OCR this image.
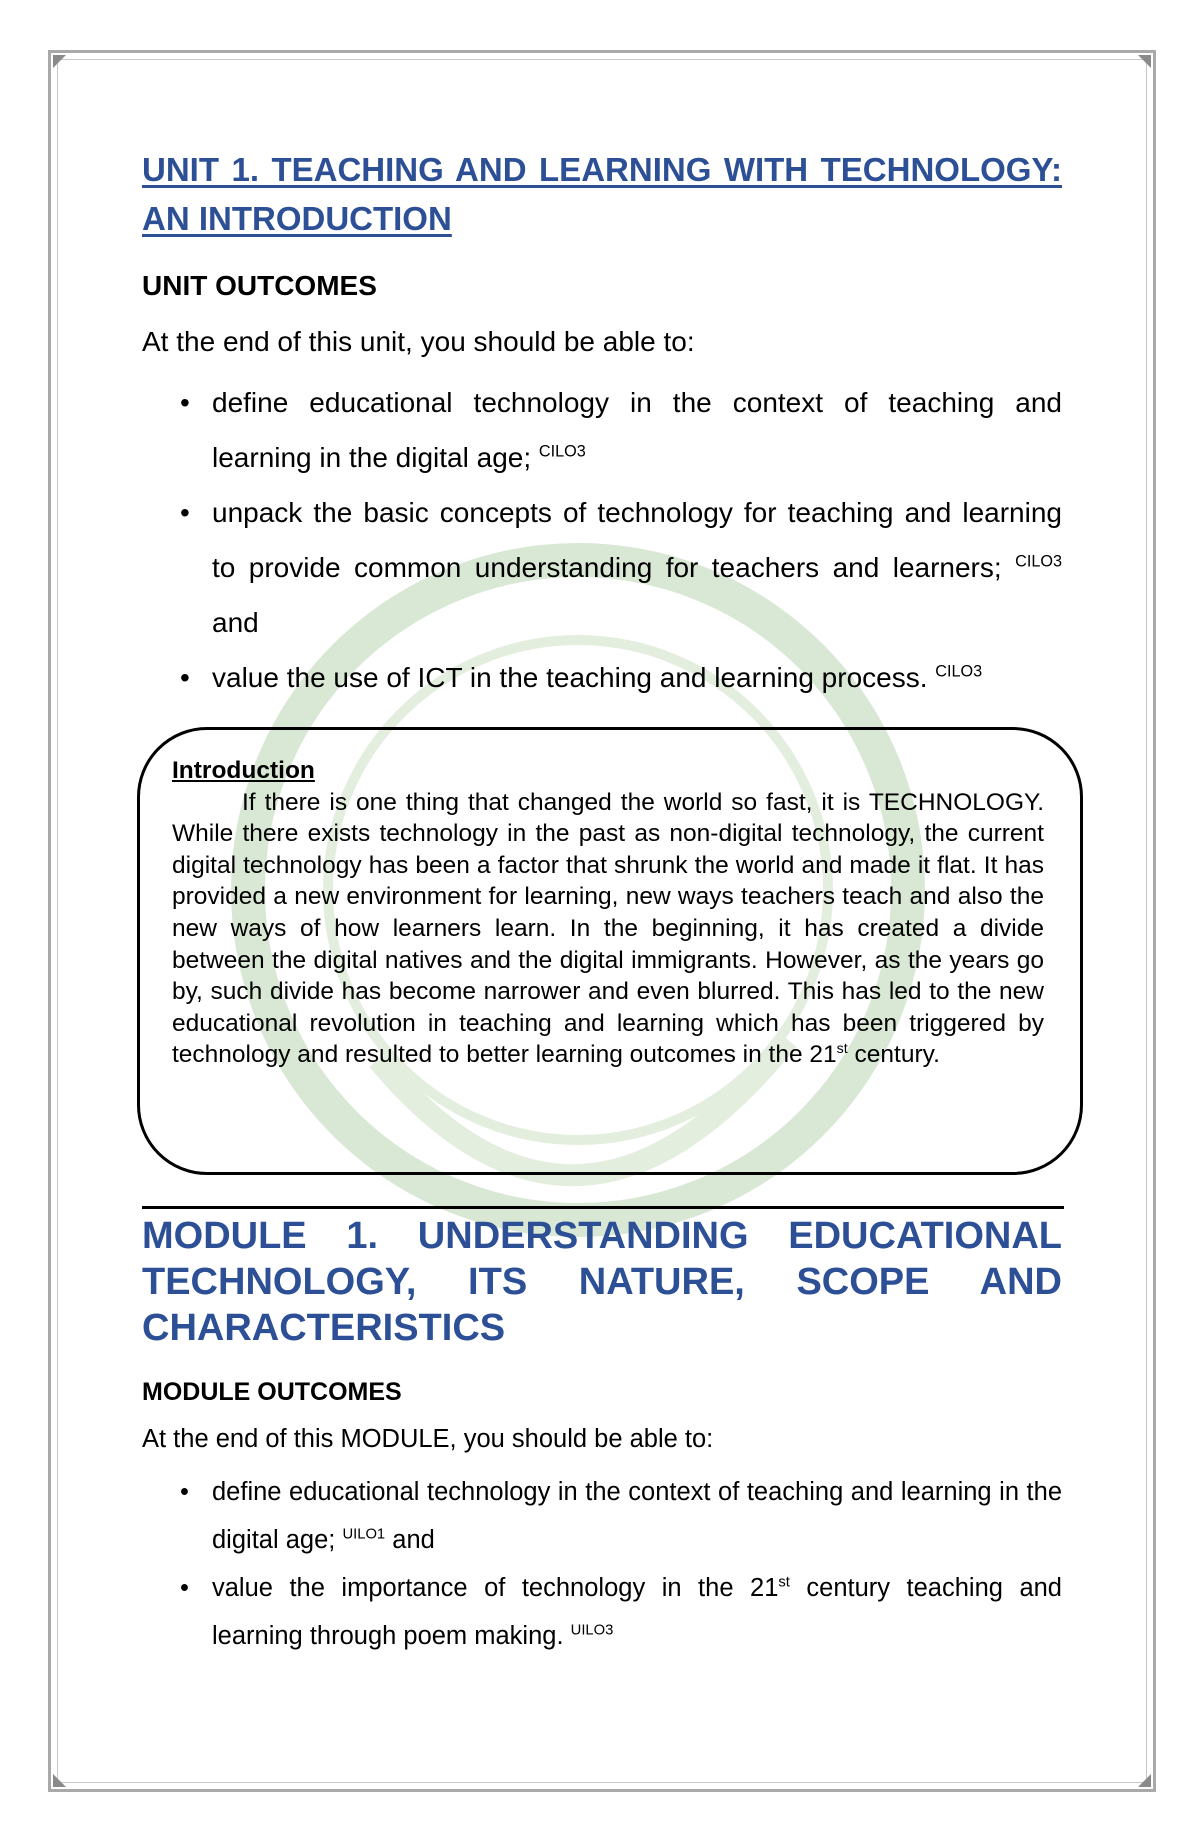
UNIT 1. TEACHING AND LEARNING WITH TECHNOLOGY: AN INTRODUCTION
UNIT OUTCOMES

At the end of this unit, you should be able to:

• define educational technology in the context of teaching and learning in the digital age; $^{CILO3}$
• unpack the basic concepts of technology for teaching and learning to provide common understanding for teachers and learners; $^{CILO3}$ and
• value the use of ICT in the teaching and learning process. $^{CILO3}$
MODULE 1. UNDERSTANDING EDUCATIONAL TECHNOLOGY, ITS NATURE, SCOPE AND CHARACTERISTICS
MODULE OUTCOMES

At the end of this MODULE, you should be able to:

• define educational technology in the context of teaching and learning in the digital age; $^{UILO1}$ and
• value the importance of technology in the 21st century teaching and learning through poem making. $^{UILO3}$

Introduction

If there is one thing that changed the world so fast, it is TECHNOLOGY. While there exists technology in the past as non-digital technology, the current digital technology has been a factor that shrunk the world and made it flat. It has provided a new environment for learning, new ways teachers teach and also the new ways of how learners learn. In the beginning, it has created a divide between the digital natives and the digital immigrants. However, as the years go by, such divide has become narrower and even blurred. This has led to the new educational revolution in teaching and learning which has been triggered by technology and resulted to better learning outcomes in the 21st century.
